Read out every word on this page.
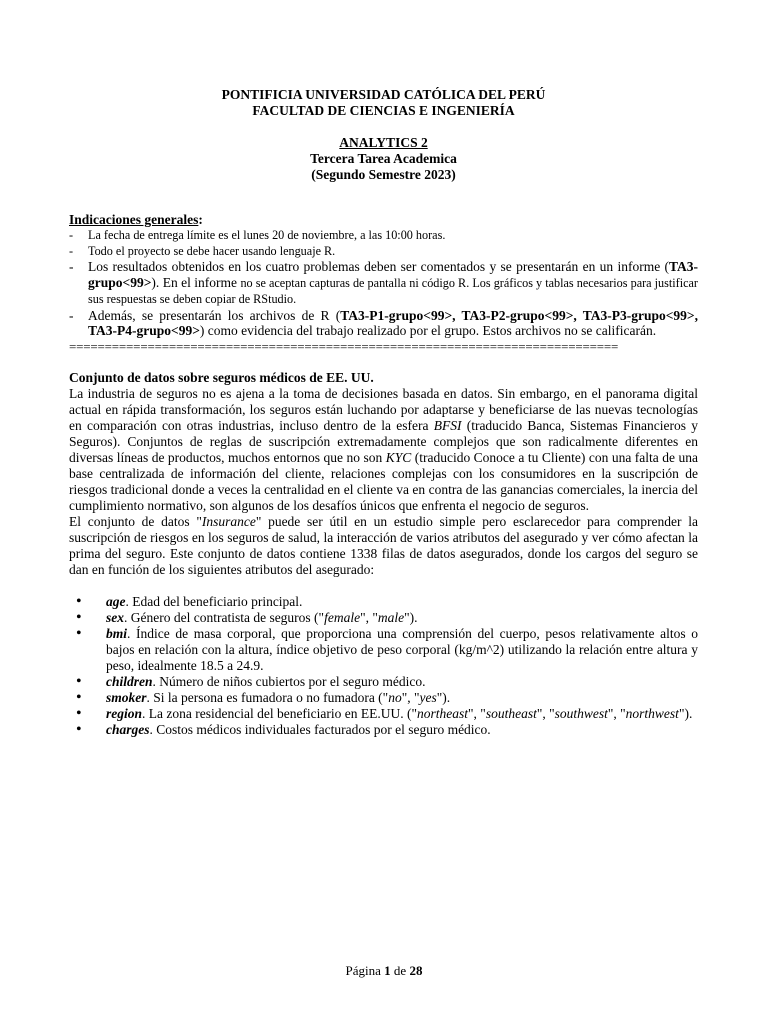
PONTIFICIA UNIVERSIDAD CATÓLICA DEL PERÚ
FACULTAD DE CIENCIAS E INGENIERÍA
ANALYTICS 2
Tercera Tarea Academica
(Segundo Semestre 2023)
Indicaciones generales:
- La fecha de entrega límite es el lunes 20 de noviembre, a las 10:00 horas.
- Todo el proyecto se debe hacer usando lenguaje R.
- Los resultados obtenidos en los cuatro problemas deben ser comentados y se presentarán en un informe (TA3-grupo<99>). En el informe no se aceptan capturas de pantalla ni código R. Los gráficos y tablas necesarios para justificar sus respuestas se deben copiar de RStudio.
- Además, se presentarán los archivos de R (TA3-P1-grupo<99>, TA3-P2-grupo<99>, TA3-P3-grupo<99>, TA3-P4-grupo<99>) como evidencia del trabajo realizado por el grupo. Estos archivos no se calificarán.
=============================================================================
Conjunto de datos sobre seguros médicos de EE. UU.

La industria de seguros no es ajena a la toma de decisiones basada en datos. Sin embargo, en el panorama digital actual en rápida transformación, los seguros están luchando por adaptarse y beneficiarse de las nuevas tecnologías en comparación con otras industrias, incluso dentro de la esfera BFSI (traducido Banca, Sistemas Financieros y Seguros). Conjuntos de reglas de suscripción extremadamente complejos que son radicalmente diferentes en diversas líneas de productos, muchos entornos que no son KYC (traducido Conoce a tu Cliente) con una falta de una base centralizada de información del cliente, relaciones complejas con los consumidores en la suscripción de riesgos tradicional donde a veces la centralidad en el cliente va en contra de las ganancias comerciales, la inercia del cumplimiento normativo, son algunos de los desafíos únicos que enfrenta el negocio de seguros.

El conjunto de datos "Insurance" puede ser útil en un estudio simple pero esclarecedor para comprender la suscripción de riesgos en los seguros de salud, la interacción de varios atributos del asegurado y ver cómo afectan la prima del seguro. Este conjunto de datos contiene 1338 filas de datos asegurados, donde los cargos del seguro se dan en función de los siguientes atributos del asegurado:

• age. Edad del beneficiario principal.
• sex. Género del contratista de seguros ("female", "male").
• bmi. Índice de masa corporal, que proporciona una comprensión del cuerpo, pesos relativamente altos o bajos en relación con la altura, índice objetivo de peso corporal (kg/m^2) utilizando la relación entre altura y peso, idealmente 18.5 a 24.9.
• children. Número de niños cubiertos por el seguro médico.
• smoker. Si la persona es fumadora o no fumadora ("no", "yes").
• region. La zona residencial del beneficiario en EE.UU. ("northeast", "southeast", "southwest", "northwest").
• charges. Costos médicos individuales facturados por el seguro médico.
Página 1 de 28
